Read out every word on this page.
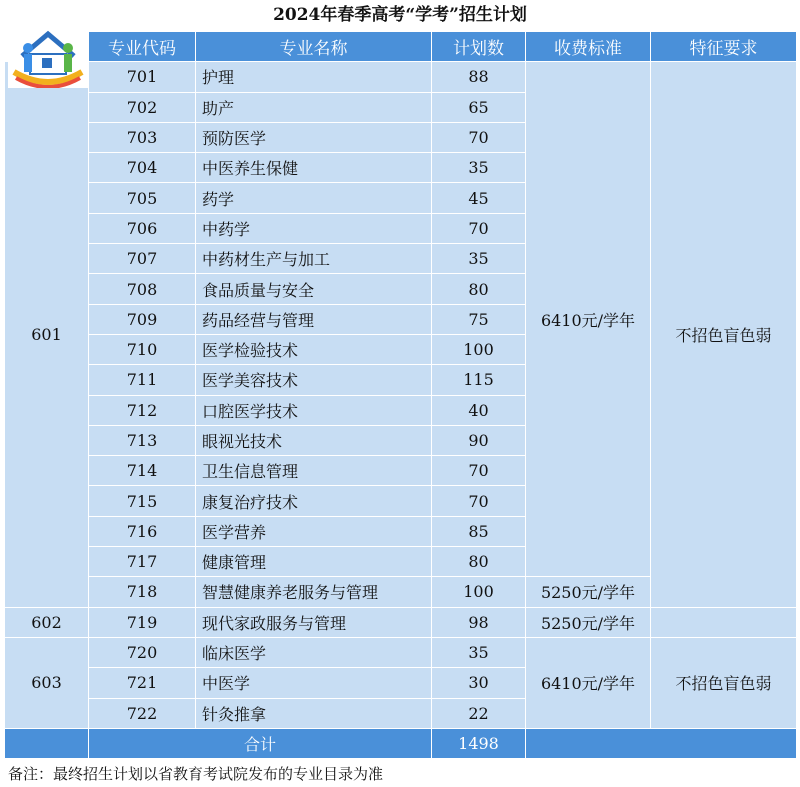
2024年春季高考“学考”招生计划
	专业代码	专业名称	计划数	收费标准	特征要求
601	701	护理	88	6410元/学年	不招色盲色弱
	702	助产	65		
	703	预防医学	70		
	704	中医养生保健	35		
	705	药学	45		
	706	中药学	70		
	707	中药材生产与加工	35		
	708	食品质量与安全	80		
	709	药品经营与管理	75		
	710	医学检验技术	100		
	711	医学美容技术	115		
	712	口腔医学技术	40		
	713	眼视光技术	90		
	714	卫生信息管理	70		
	715	康复治疗技术	70		
	716	医学营养	85		
	717	健康管理	80		
	718	智慧健康养老服务与管理	100	5250元/学年	
602	719	现代家政服务与管理	98	5250元/学年	
603	720	临床医学	35	6410元/学年	不招色盲色弱
	721	中医学	30		
	722	针灸推拿	22		
	合计		1498		
备注：最终招生计划以省教育考试院发布的专业目录为准
